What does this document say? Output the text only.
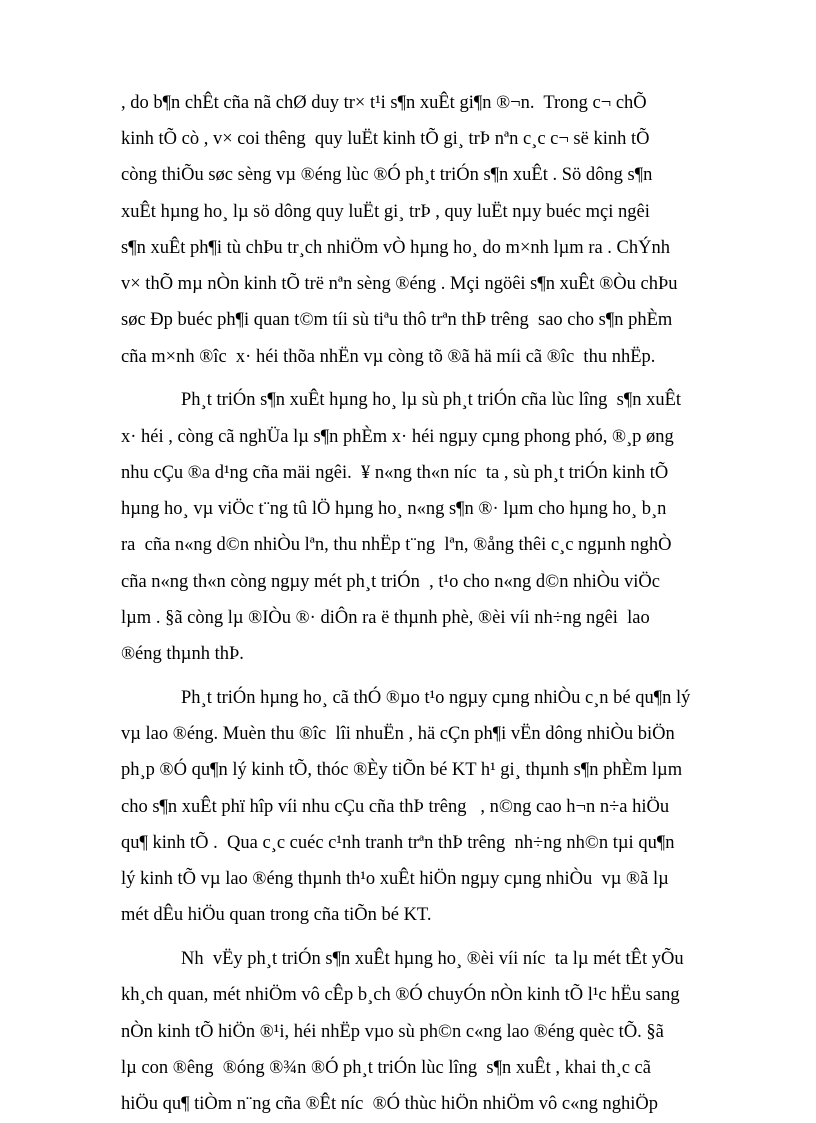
, do b¶n chÊt cña nã chØ duy tr× t¹i s¶n xuÊt gi¶n ®¬n.  Trong c¬ chÕ
kinh tÕ cò , v× coi thêng  quy luËt kinh tÕ gi¸ trÞ nªn c¸c c¬ së kinh tÕ
còng thiÕu søc sèng vµ ®éng lùc ®Ó ph¸t triÓn s¶n xuÊt . Sö dông s¶n
xuÊt hµng ho¸ lµ sö dông quy luËt gi¸ trÞ , quy luËt nµy buéc mçi ngêi
s¶n xuÊt ph¶i tù chÞu tr¸ch nhiÖm vÒ hµng ho¸ do m×nh lµm ra . ChÝnh
v× thÕ mµ nÒn kinh tÕ trë nªn sèng ®éng . Mçi ngöêi s¶n xuÊt ®Òu chÞu
søc Ðp buéc ph¶i quan t©m tíi sù tiªu thô trªn thÞ trêng  sao cho s¶n phÈm
cña m×nh ®îc  x· héi thõa nhËn vµ còng tõ ®ã hä míi cã ®îc  thu nhËp.
Ph¸t triÓn s¶n xuÊt hµng ho¸ lµ sù ph¸t triÓn cña lùc lîng  s¶n xuÊt
x· héi , còng cã nghÜa lµ s¶n phÈm x· héi ngµy cµng phong phó, ®¸p øng
nhu cÇu ®a d¹ng cña mäi ngêi.  ¥ n«ng th«n níc  ta , sù ph¸t triÓn kinh tÕ
hµng ho¸ vµ viÖc t¨ng tû lÖ hµng ho¸ n«ng s¶n ®· lµm cho hµng ho¸ b¸n
ra  cña n«ng d©n nhiÒu lªn, thu nhËp t¨ng  lªn, ®ång thêi c¸c ngµnh nghÒ
cña n«ng th«n còng ngµy mét ph¸t triÓn  , t¹o cho n«ng d©n nhiÒu viÖc
lµm . §ã còng lµ ®IÒu ®· diÔn ra ë thµnh phè, ®èi víi nh÷ng ngêi  lao
®éng thµnh thÞ.
Ph¸t triÓn hµng ho¸ cã thÓ ®µo t¹o ngµy cµng nhiÒu c¸n bé qu¶n lý
vµ lao ®éng. Muèn thu ®îc  lîi nhuËn , hä cÇn ph¶i vËn dông nhiÒu biÖn
ph¸p ®Ó qu¶n lý kinh tÕ, thóc ®Èy tiÕn bé KT h¹ gi¸ thµnh s¶n phÈm lµm
cho s¶n xuÊt phï hîp víi nhu cÇu cña thÞ trêng   , n©ng cao h¬n n÷a hiÖu
qu¶ kinh tÕ .  Qua c¸c cuéc c¹nh tranh trªn thÞ trêng  nh÷ng nh©n tµi qu¶n
lý kinh tÕ vµ lao ®éng thµnh th¹o xuÊt hiÖn ngµy cµng nhiÒu  vµ ®ã lµ
mét dÊu hiÖu quan trong cña tiÕn bé KT.
Nh  vËy ph¸t triÓn s¶n xuÊt hµng ho¸ ®èi víi níc  ta lµ mét tÊt yÕu
kh¸ch quan, mét nhiÖm vô cÊp b¸ch ®Ó chuyÓn nÒn kinh tÕ l¹c hËu sang
nÒn kinh tÕ hiÖn ®¹i, héi nhËp vµo sù ph©n c«ng lao ®éng quèc tÕ. §ã
lµ con ®êng  ®óng ®¾n ®Ó ph¸t triÓn lùc lîng  s¶n xuÊt , khai th¸c cã
hiÖu qu¶ tiÒm n¨ng cña ®Êt níc  ®Ó thùc hiÖn nhiÖm vô c«ng nghiÖp
